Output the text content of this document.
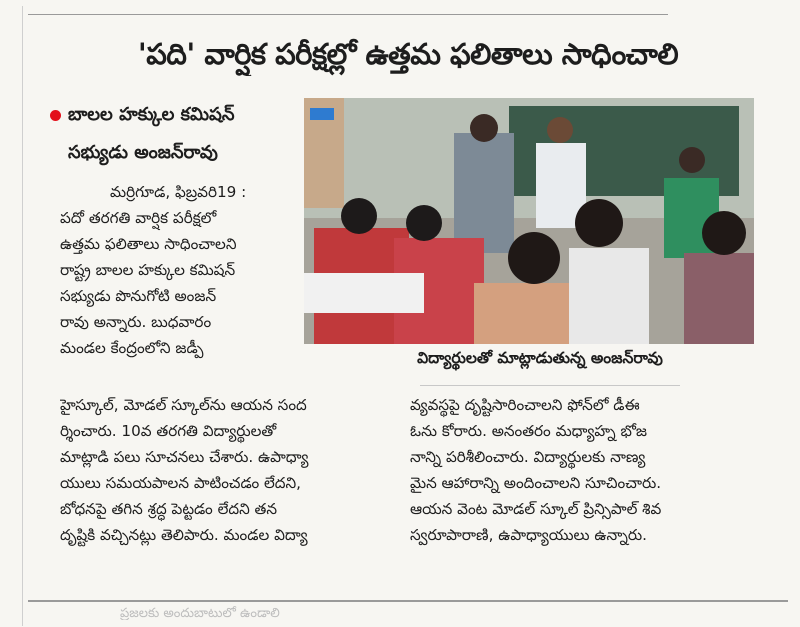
'పది' వార్షిక పరీక్షల్లో ఉత్తమ ఫలితాలు సాధించాలి
బాలల హక్కుల కమిషన్
సభ్యుడు అంజన్‌రావు
మర్రిగూడ, ఫిబ్రవరి19 :
పదో తరగతి వార్షిక పరీక్షలో
ఉత్తమ ఫలితాలు సాధించాలని
రాష్ట్ర బాలల హక్కుల కమిషన్
సభ్యుడు పొనుగోటి అంజన్
రావు అన్నారు. బుధవారం
మండల కేంద్రంలోని జడ్పీ
హైస్కూల్, మోడల్ స్కూల్‌ను ఆయన సంద
ర్శించారు. 10వ తరగతి విద్యార్థులతో
మాట్లాడి పలు సూచనలు చేశారు. ఉపాధ్యా
యులు సమయపాలన పాటించడం లేదని,
బోధనపై తగిన శ్రద్ధ పెట్టడం లేదని తన
దృష్టికి వచ్చినట్లు తెలిపారు. మండల విద్యా
విద్యార్థులతో మాట్లాడుతున్న అంజన్‌రావు
వ్యవస్థపై దృష్టిసారించాలని ఫోన్‌లో డీఈ
ఓను కోరారు. అనంతరం మధ్యాహ్న భోజ
నాన్ని పరిశీలించారు. విద్యార్థులకు నాణ్య
మైన ఆహారాన్ని అందించాలని సూచించారు.
ఆయన వెంట మోడల్ స్కూల్ ప్రిన్సిపాల్ శివ
స్వరూపారాణి, ఉపాధ్యాయులు ఉన్నారు.
ప్రజలకు అందుబాటులో ఉండాలి
